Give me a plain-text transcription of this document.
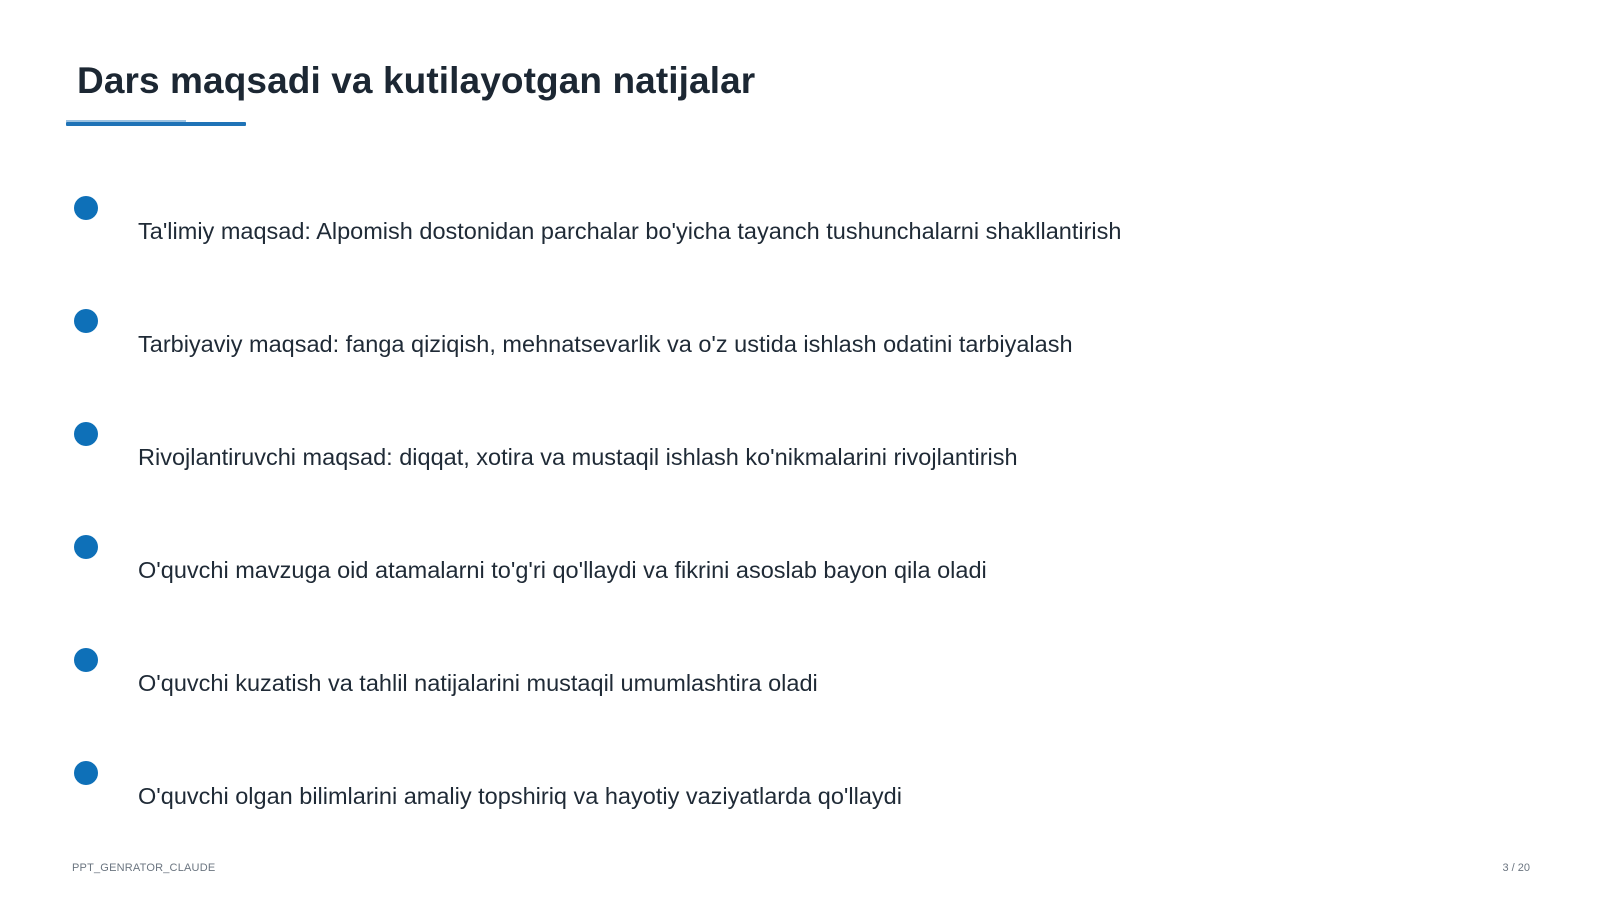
Dars maqsadi va kutilayotgan natijalar
Ta'limiy maqsad: Alpomish dostonidan parchalar bo'yicha tayanch tushunchalarni shakllantirish
Tarbiyaviy maqsad: fanga qiziqish, mehnatsevarlik va o'z ustida ishlash odatini tarbiyalash
Rivojlantiruvchi maqsad: diqqat, xotira va mustaqil ishlash ko'nikmalarini rivojlantirish
O'quvchi mavzuga oid atamalarni to'g'ri qo'llaydi va fikrini asoslab bayon qila oladi
O'quvchi kuzatish va tahlil natijalarini mustaqil umumlashtira oladi
O'quvchi olgan bilimlarini amaliy topshiriq va hayotiy vaziyatlarda qo'llaydi
PPT_GENRATOR_CLAUDE	3 / 20
